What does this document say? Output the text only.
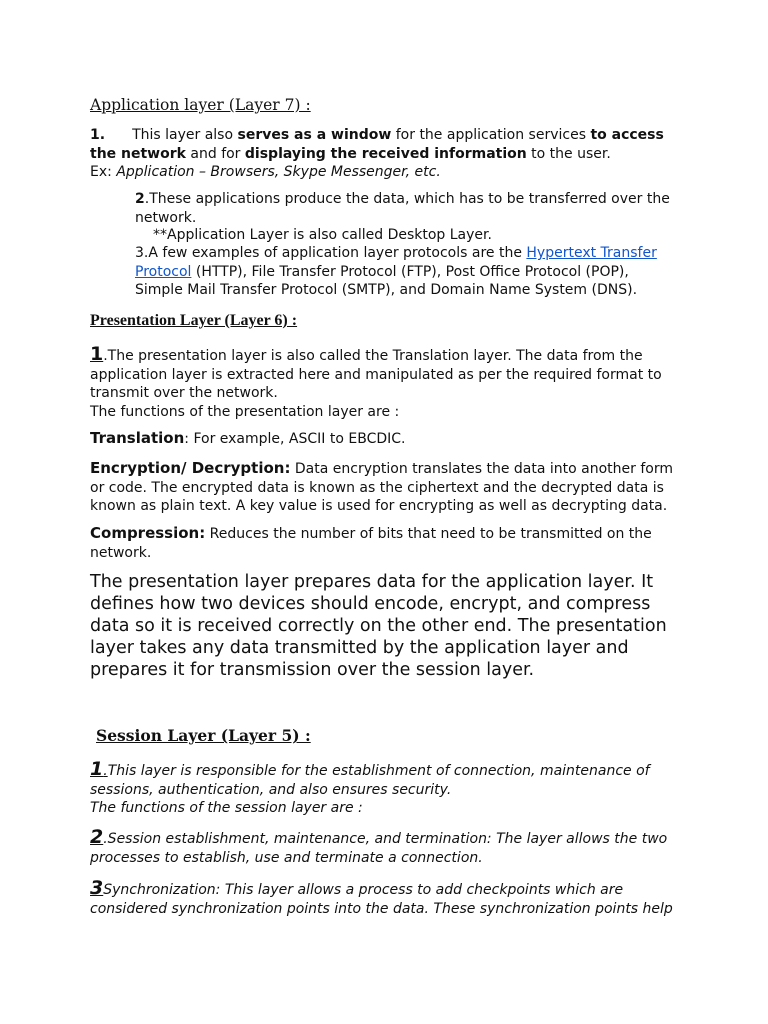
Application layer (Layer 7) :

1. This layer also serves as a window for the application services to access the network and for displaying the received information to the user.
Ex: Application – Browsers, Skype Messenger, etc.

2.These applications produce the data, which has to be transferred over the network.

**Application Layer is also called Desktop Layer.

3.A few examples of application layer protocols are the Hypertext Transfer Protocol (HTTP), File Transfer Protocol (FTP), Post Office Protocol (POP), Simple Mail Transfer Protocol (SMTP), and Domain Name System (DNS).

Presentation Layer (Layer 6) :

1.The presentation layer is also called the Translation layer. The data from the application layer is extracted here and manipulated as per the required format to transmit over the network.
The functions of the presentation layer are :

Translation: For example, ASCII to EBCDIC.

Encryption/ Decryption: Data encryption translates the data into another form or code. The encrypted data is known as the ciphertext and the decrypted data is known as plain text. A key value is used for encrypting as well as decrypting data.

Compression: Reduces the number of bits that need to be transmitted on the network.

The presentation layer prepares data for the application layer. It defines how two devices should encode, encrypt, and compress data so it is received correctly on the other end. The presentation layer takes any data transmitted by the application layer and prepares it for transmission over the session layer.

Session Layer (Layer 5) :

1.This layer is responsible for the establishment of connection, maintenance of sessions, authentication, and also ensures security.
The functions of the session layer are :

2.Session establishment, maintenance, and termination: The layer allows the two processes to establish, use and terminate a connection.

3Synchronization: This layer allows a process to add checkpoints which are considered synchronization points into the data. These synchronization points help
